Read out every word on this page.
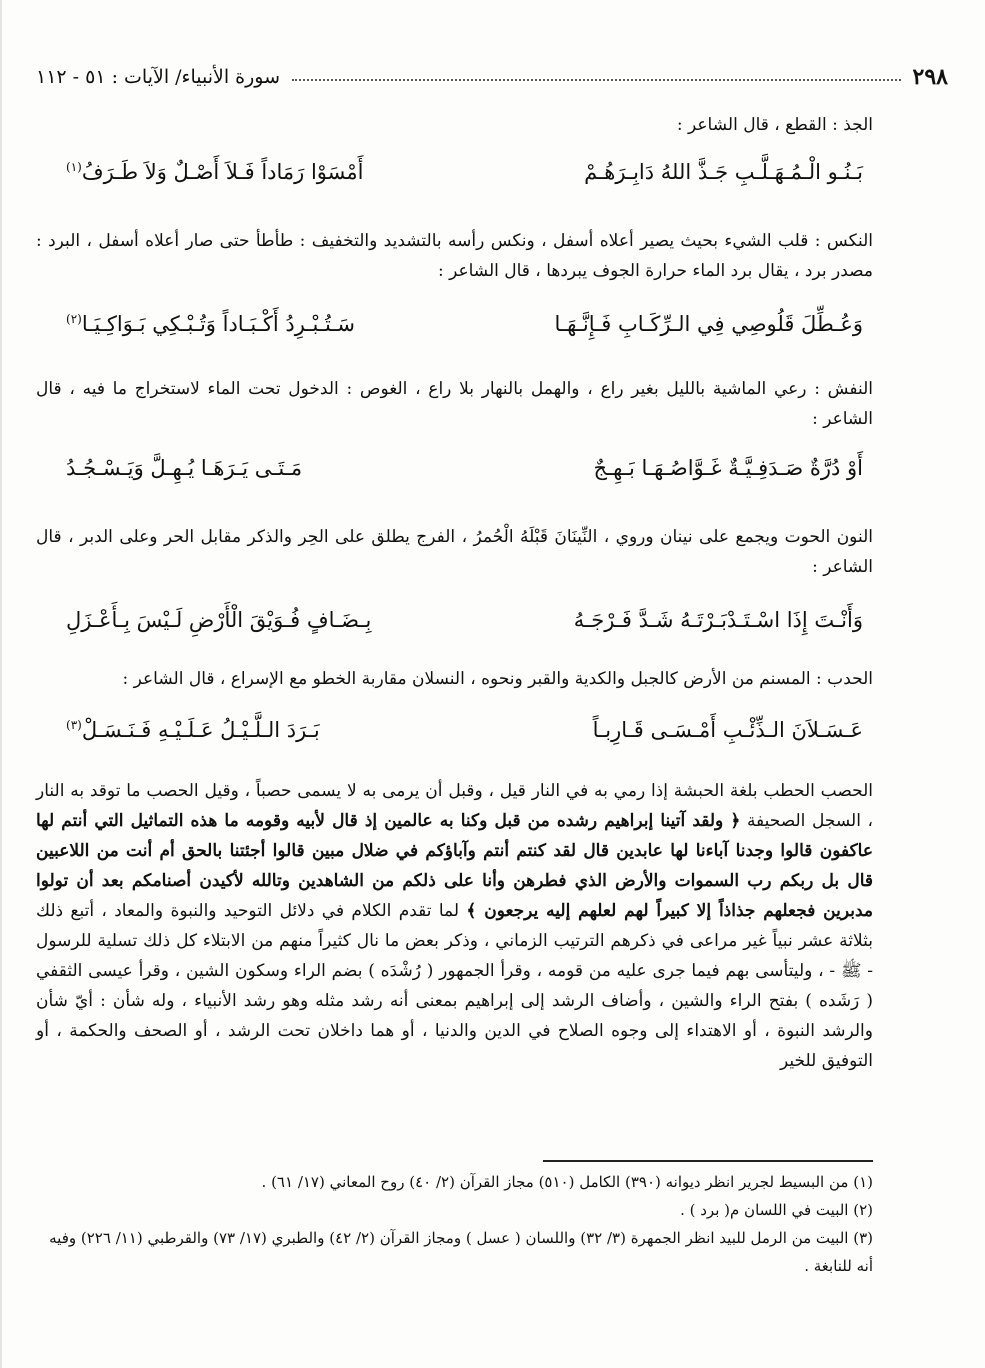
٢٩٨
سورة الأنبياء/ الآيات : ٥١ - ١١٢

الجذ : القطع ، قال الشاعر :

بَـنُـو الْـمُـهَـلَّـبِ جَـذَّ اللهُ دَابِـرَهُـمْ
أَمْسَوْا رَمَاداً فَـلاَ أَصْـلٌ وَلاَ طَـرَفُ$^{(١)}$

النكس : قلب الشيء بحيث يصير أعلاه أسفل ، ونكس رأسه بالتشديد والتخفيف : طأطأ حتى صار أعلاه أسفل ، البرد : مصدر برد ، يقال برد الماء حرارة الجوف يبردها ، قال الشاعر :

وَعُـطِّلَ قَلُوصِي فِي الـرِّكَـابِ فَـإِنَّـهَـا
سَـتُـبْـرِدُ أَكْـبَـاداً وَتُـبْـكِي بَـوَاكِـيَـا$^{(٢)}$

النفش : رعي الماشية بالليل بغير راع ، والهمل بالنهار بلا راع ، الغوص : الدخول تحت الماء لاستخراج ما فيه ، قال الشاعر :

أَوْ دُرَّةٌ صَـدَفِـيَّـةٌ غَـوَّاصُـهَـا بَـهِـجٌ
مَـتَـى يَـرَهَـا يُـهِـلَّ وَيَـسْـجُـدُ

النون الحوت ويجمع على نينان وروي ، النِّينَانَ قَبْلَهُ الْحُمرُ ، الفرج يطلق على الحِر والذكر مقابل الحر وعلى الدبر ، قال الشاعر :

وَأَنْـتَ إِذَا اسْـتَـدْبَـرْتَـهُ شَـدَّ فَـرْجَـهُ
بِـضَـافٍ فُـوَيْقَ الْأَرْضِ لَـيْسَ بِـأَعْـزَلِ

الحدب : المسنم من الأرض كالجبل والكدية والقبر ونحوه ، النسلان مقاربة الخطو مع الإسراع ، قال الشاعر :

عَـسَـلاَنَ الـذِّئْـبِ أَمْـسَـى قَـارِبـاً
بَـرَدَ الـلَّـيْـلُ عَـلَـيْـهِ فَـنَـسَـلْ$^{(٣)}$

الحصب الحطب بلغة الحبشة إذا رمي به في النار قيل ، وقبل أن يرمى به لا يسمى حصباً ، وقيل الحصب ما توقد به النار ، السجل الصحيفة ﴿ ولقد آتينا إبراهيم رشده من قبل وكنا به عالمين إذ قال لأبيه وقومه ما هذه التماثيل التي أنتم لها عاكفون قالوا وجدنا آباءنا لها عابدين قال لقد كنتم أنتم وآباؤكم في ضلال مبين قالوا أجئتنا بالحق أم أنت من اللاعبين قال بل ربكم رب السموات والأرض الذي فطرهن وأنا على ذلكم من الشاهدين وتالله لأكيدن أصنامكم بعد أن تولوا مدبرين فجعلهم جذاذاً إلا كبيراً لهم لعلهم إليه يرجعون ﴾ لما تقدم الكلام في دلائل التوحيد والنبوة والمعاد ، أتبع ذلك بثلاثة عشر نبياً غير مراعى في ذكرهم الترتيب الزماني ، وذكر بعض ما نال كثيراً منهم من الابتلاء كل ذلك تسلية للرسول - ﷺ - ، وليتأسى بهم فيما جرى عليه من قومه ، وقرأ الجمهور ( رُشْدَه ) بضم الراء وسكون الشين ، وقرأ عيسى الثقفي ( رَشَده ) بفتح الراء والشين ، وأضاف الرشد إلى إبراهيم بمعنى أنه رشد مثله وهو رشد الأنبياء ، وله شأن : أيّ شأن والرشد النبوة ، أو الاهتداء إلى وجوه الصلاح في الدين والدنيا ، أو هما داخلان تحت الرشد ، أو الصحف والحكمة ، أو التوفيق للخير

(١) من البسيط لجرير انظر ديوانه (٣٩٠) الكامل (٥١٠) مجاز القرآن (٢/ ٤٠) روح المعاني (١٧/ ٦١) .

(٢) البيت في اللسان م( برد ) .

(٣) البيت من الرمل للبيد انظر الجمهرة (٣/ ٣٢) واللسان ( عسل ) ومجاز القرآن (٢/ ٤٢) والطبري (١٧/ ٧٣) والقرطبي (١١/ ٢٢٦) وفيه أنه للنابغة .
